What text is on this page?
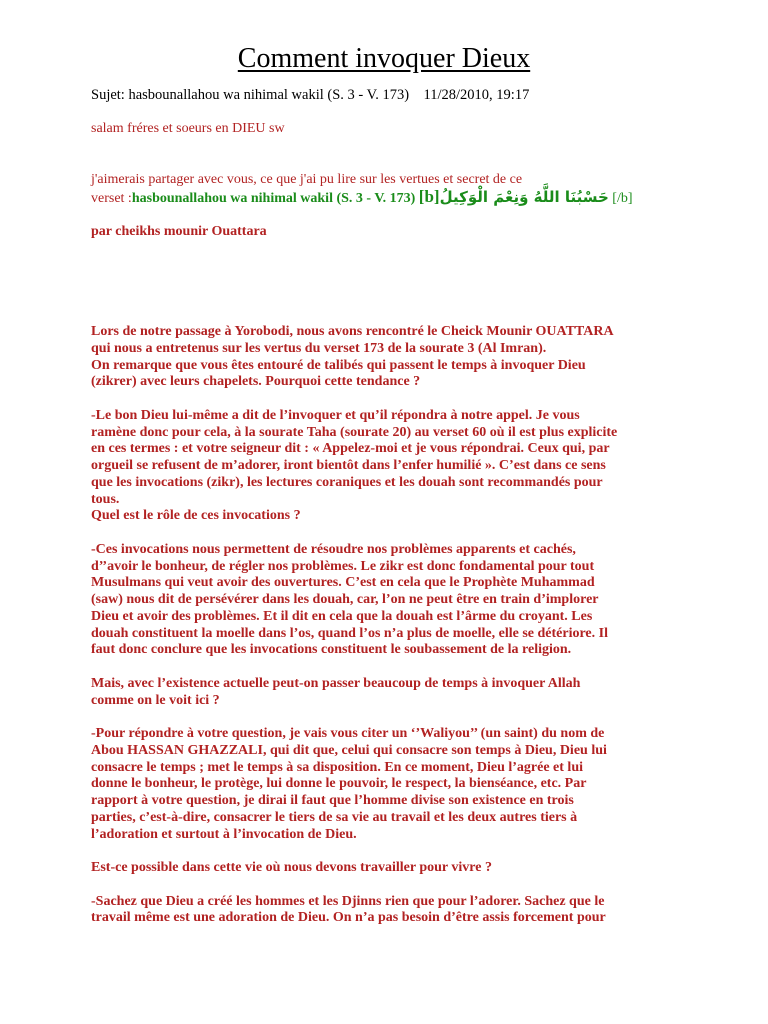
Comment invoquer Dieux
Sujet: hasbounallahou wa nihimal wakil (S. 3 - V. 173)    11/28/2010, 19:17
salam fréres et soeurs en DIEU sw
j'aimerais partager avec vous, ce que j'ai pu lire sur les vertues et secret de ce
verset :hasbounallahou wa nihimal wakil (S. 3 - V. 173) [b]حَسْبُنَا اللَّهُ وَنِعْمَ الْوَكِيلُ [/b]
par cheikhs mounir Ouattara
Lors de notre passage à Yorobodi, nous avons rencontré le Cheick Mounir OUATTARA
qui nous a entretenus sur les vertus du verset 173 de la sourate 3 (Al Imran).
On remarque que vous êtes entouré de talibés qui passent le temps à invoquer Dieu
(zikrer) avec leurs chapelets. Pourquoi cette tendance ?
-Le bon Dieu lui-même a dit de l’invoquer et qu’il répondra à notre appel. Je vous
ramène donc pour cela, à la sourate Taha (sourate 20) au verset 60 où il est plus explicite
en ces termes : et votre seigneur dit : « Appelez-moi et je vous répondrai. Ceux qui, par
orgueil se refusent de m’adorer, iront bientôt dans l’enfer humilié ». C’est dans ce sens
que les invocations (zikr), les lectures coraniques et les douah sont recommandés pour
tous.
Quel est le rôle de ces invocations ?
-Ces invocations nous permettent de résoudre nos problèmes apparents et cachés,
d’’avoir le bonheur, de régler nos problèmes. Le zikr est donc fondamental pour tout
Musulmans qui veut avoir des ouvertures. C’est en cela que le Prophète Muhammad
(saw) nous dit de persévérer dans les douah, car, l’on ne peut être en train d’implorer
Dieu et avoir des problèmes. Et il dit en cela que la douah est l’ârme du croyant. Les
douah constituent la moelle dans l’os, quand l’os n’a plus de moelle, elle se détériore. Il
faut donc conclure que les invocations constituent le soubassement de la religion.
Mais, avec l’existence actuelle peut-on passer beaucoup de temps à invoquer Allah
comme on le voit ici ?
-Pour répondre à votre question, je vais vous citer un ‘’Waliyou’’ (un saint) du nom de
Abou HASSAN GHAZZALI, qui dit que, celui qui consacre son temps à Dieu, Dieu lui
consacre le temps ; met le temps à sa disposition. En ce moment, Dieu l’agrée et lui
donne le bonheur, le protège, lui donne le pouvoir, le respect, la bienséance, etc. Par
rapport à votre question, je dirai il faut que l’homme divise son existence en trois
parties, c’est-à-dire, consacrer le tiers de sa vie au travail et les deux autres tiers à
l’adoration et surtout à l’invocation de Dieu.
Est-ce possible dans cette vie où nous devons travailler pour vivre ?
-Sachez que Dieu a créé les hommes et les Djinns rien que pour l’adorer. Sachez que le
travail même est une adoration de Dieu. On n’a pas besoin d’être assis forcement pour
